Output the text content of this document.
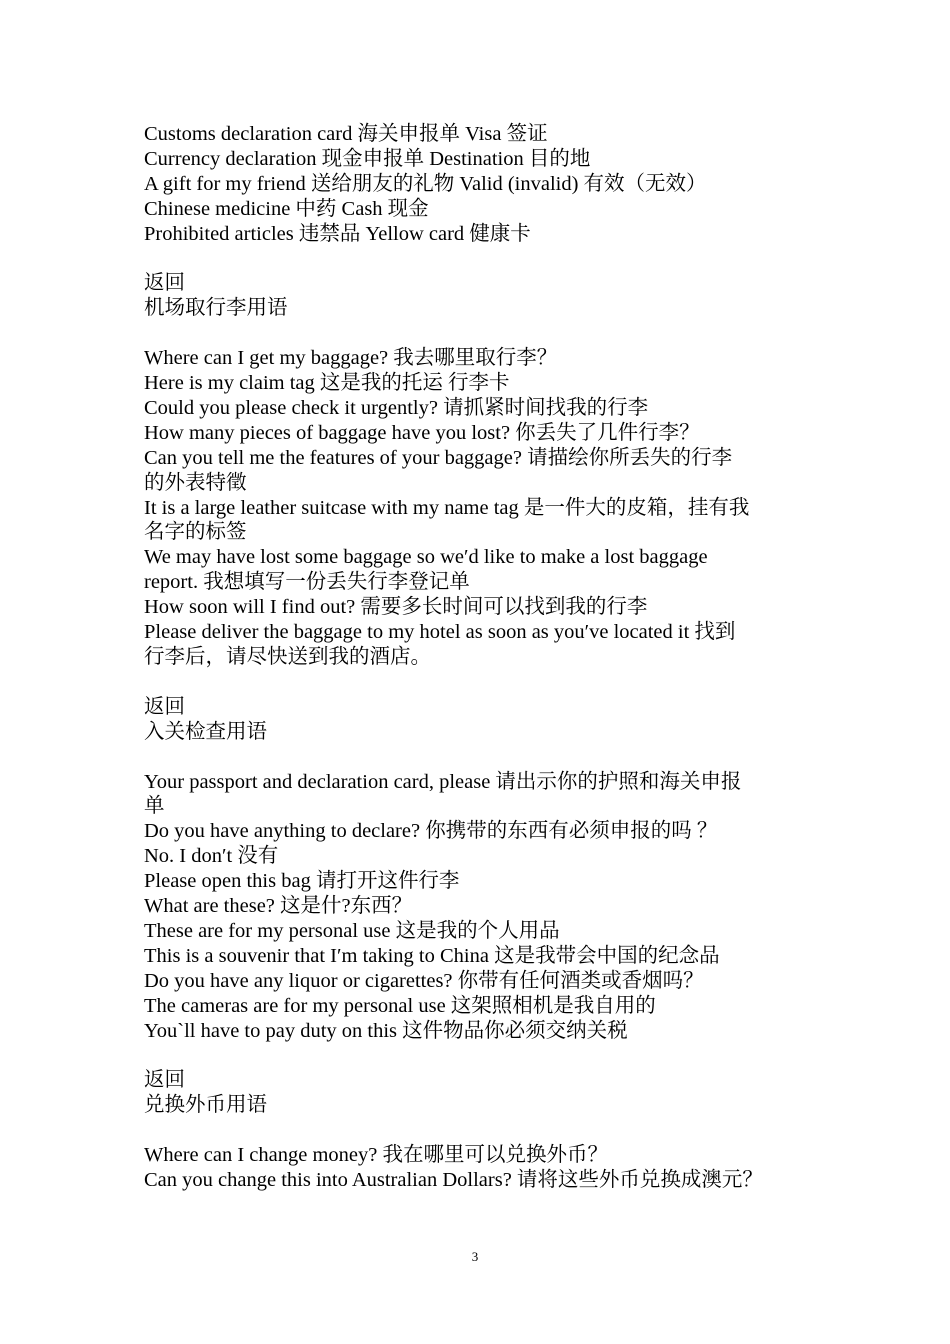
Customs declaration card 海关申报单 Visa 签证
Currency declaration 现金申报单 Destination 目的地
A gift for my friend 送给朋友的礼物 Valid (invalid) 有效（无效）
Chinese medicine 中药 Cash 现金
Prohibited articles 违禁品 Yellow card 健康卡
返回
机场取行李用语
Where can I get my baggage? 我去哪里取行李？
Here is my claim tag 这是我的托运 行李卡
Could you please check it urgently? 请抓紧时间找我的行李
How many pieces of baggage have you lost? 你丢失了几件行李？
Can you tell me the features of your baggage? 请描绘你所丢失的行李
的外表特徵
It is a large leather suitcase with my name tag 是一件大的皮箱，挂有我
名字的标签
We may have lost some baggage so we′d like to make a lost baggage
report. 我想填写一份丢失行李登记单
How soon will I find out? 需要多长时间可以找到我的行李
Please deliver the baggage to my hotel as soon as you′ve located it 找到
行李后，请尽快送到我的酒店。
返回
入关检查用语
Your passport and declaration card, please 请出示你的护照和海关申报
单
Do you have anything to declare? 你携带的东西有必须申报的吗 ？
No. I don′t 没有
Please open this bag 请打开这件行李
What are these? 这是什?东西？
These are for my personal use 这是我的个人用品
This is a souvenir that I′m taking to China 这是我带会中国的纪念品
Do you have any liquor or cigarettes? 你带有任何酒类或香烟吗？
The cameras are for my personal use 这架照相机是我自用的
You`ll have to pay duty on this 这件物品你必须交纳关税
返回
兑换外币用语
Where can I change money? 我在哪里可以兑换外币？
Can you change this into Australian Dollars? 请将这些外币兑换成澳元？
3
